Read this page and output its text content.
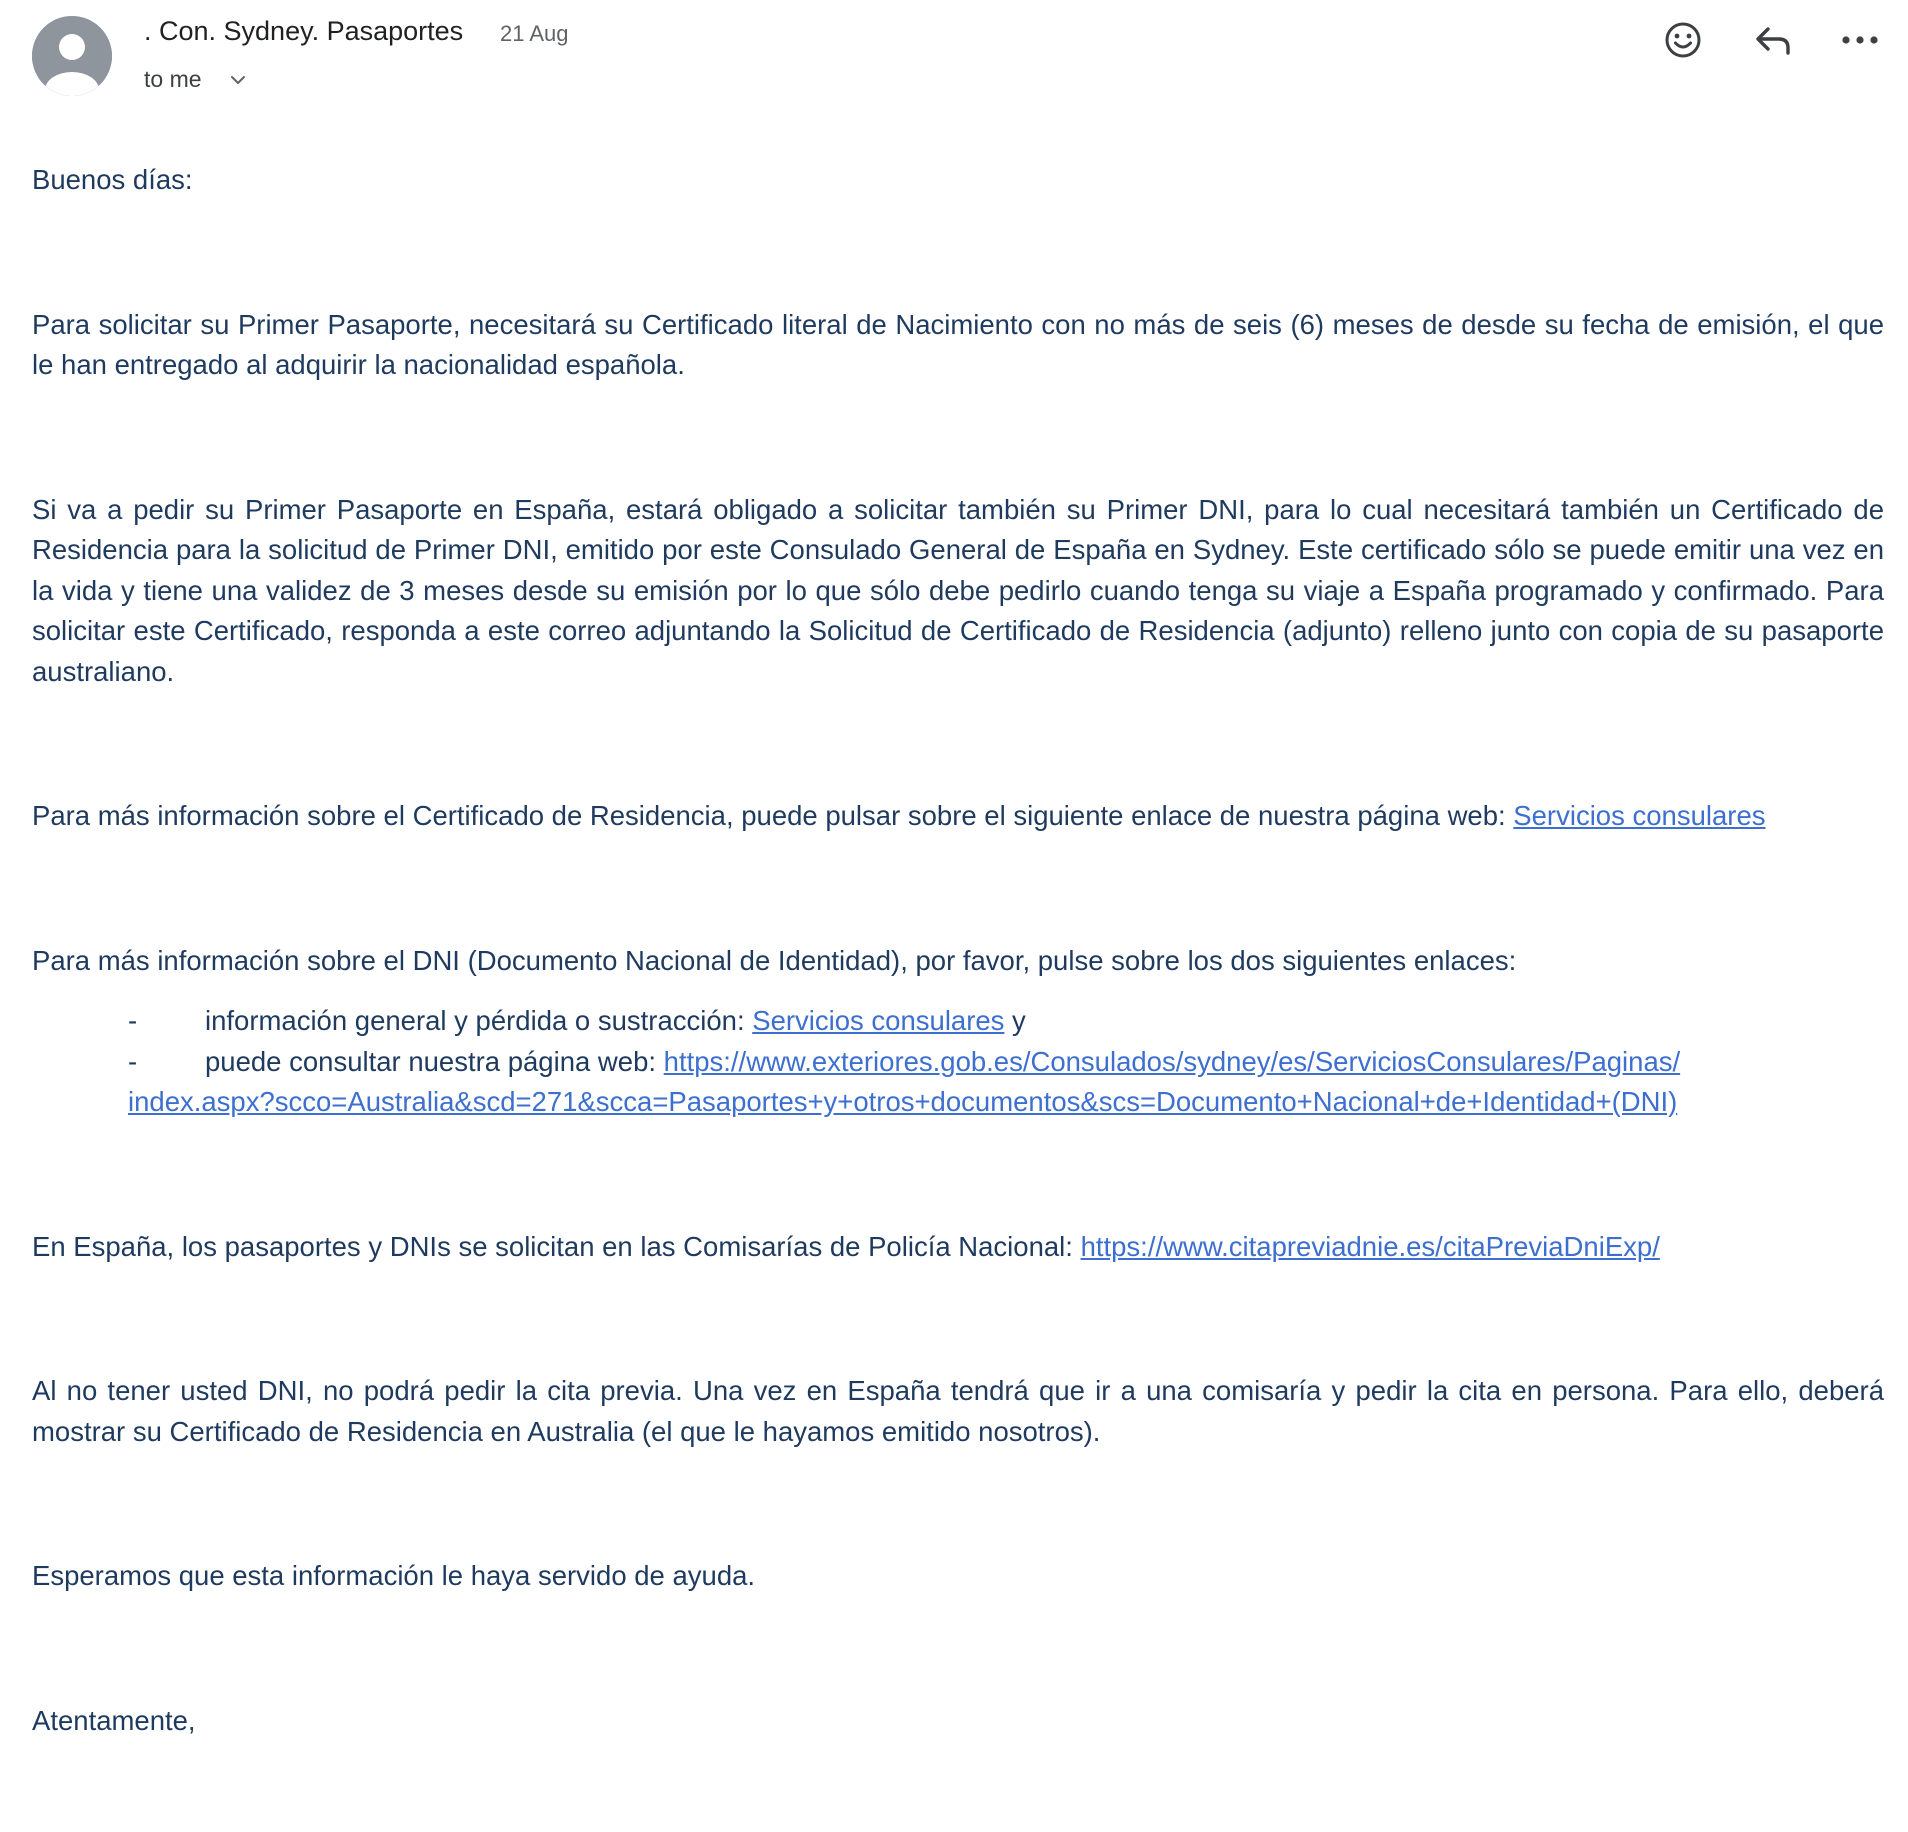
. Con. Sydney. Pasaportes 21 Aug
to me

Buenos días:

Para solicitar su Primer Pasaporte, necesitará su Certificado literal de Nacimiento con no más de seis (6) meses de desde su fecha de emisión, el que le han entregado al adquirir la nacionalidad española.

Si va a pedir su Primer Pasaporte en España, estará obligado a solicitar también su Primer DNI, para lo cual necesitará también un Certificado de Residencia para la solicitud de Primer DNI, emitido por este Consulado General de España en Sydney. Este certificado sólo se puede emitir una vez en la vida y tiene una validez de 3 meses desde su emisión por lo que sólo debe pedirlo cuando tenga su viaje a España programado y confirmado. Para solicitar este Certificado, responda a este correo adjuntando la Solicitud de Certificado de Residencia (adjunto) relleno junto con copia de su pasaporte australiano.

Para más información sobre el Certificado de Residencia, puede pulsar sobre el siguiente enlace de nuestra página web: Servicios consulares

Para más información sobre el DNI (Documento Nacional de Identidad), por favor, pulse sobre los dos siguientes enlaces:

-	información general y pérdida o sustracción: Servicios consulares y
-	puede consultar nuestra página web: https://www.exteriores.gob.es/Consulados/sydney/es/ServiciosConsulares/Paginas/
index.aspx?scco=Australia&scd=271&scca=Pasaportes+y+otros+documentos&scs=Documento+Nacional+de+Identidad+(DNI)

En España, los pasaportes y DNIs se solicitan en las Comisarías de Policía Nacional: https://www.citapreviadnie.es/citaPreviaDniExp/

Al no tener usted DNI, no podrá pedir la cita previa. Una vez en España tendrá que ir a una comisaría y pedir la cita en persona. Para ello, deberá mostrar su Certificado de Residencia en Australia (el que le hayamos emitido nosotros).

Esperamos que esta información le haya servido de ayuda.

Atentamente,
